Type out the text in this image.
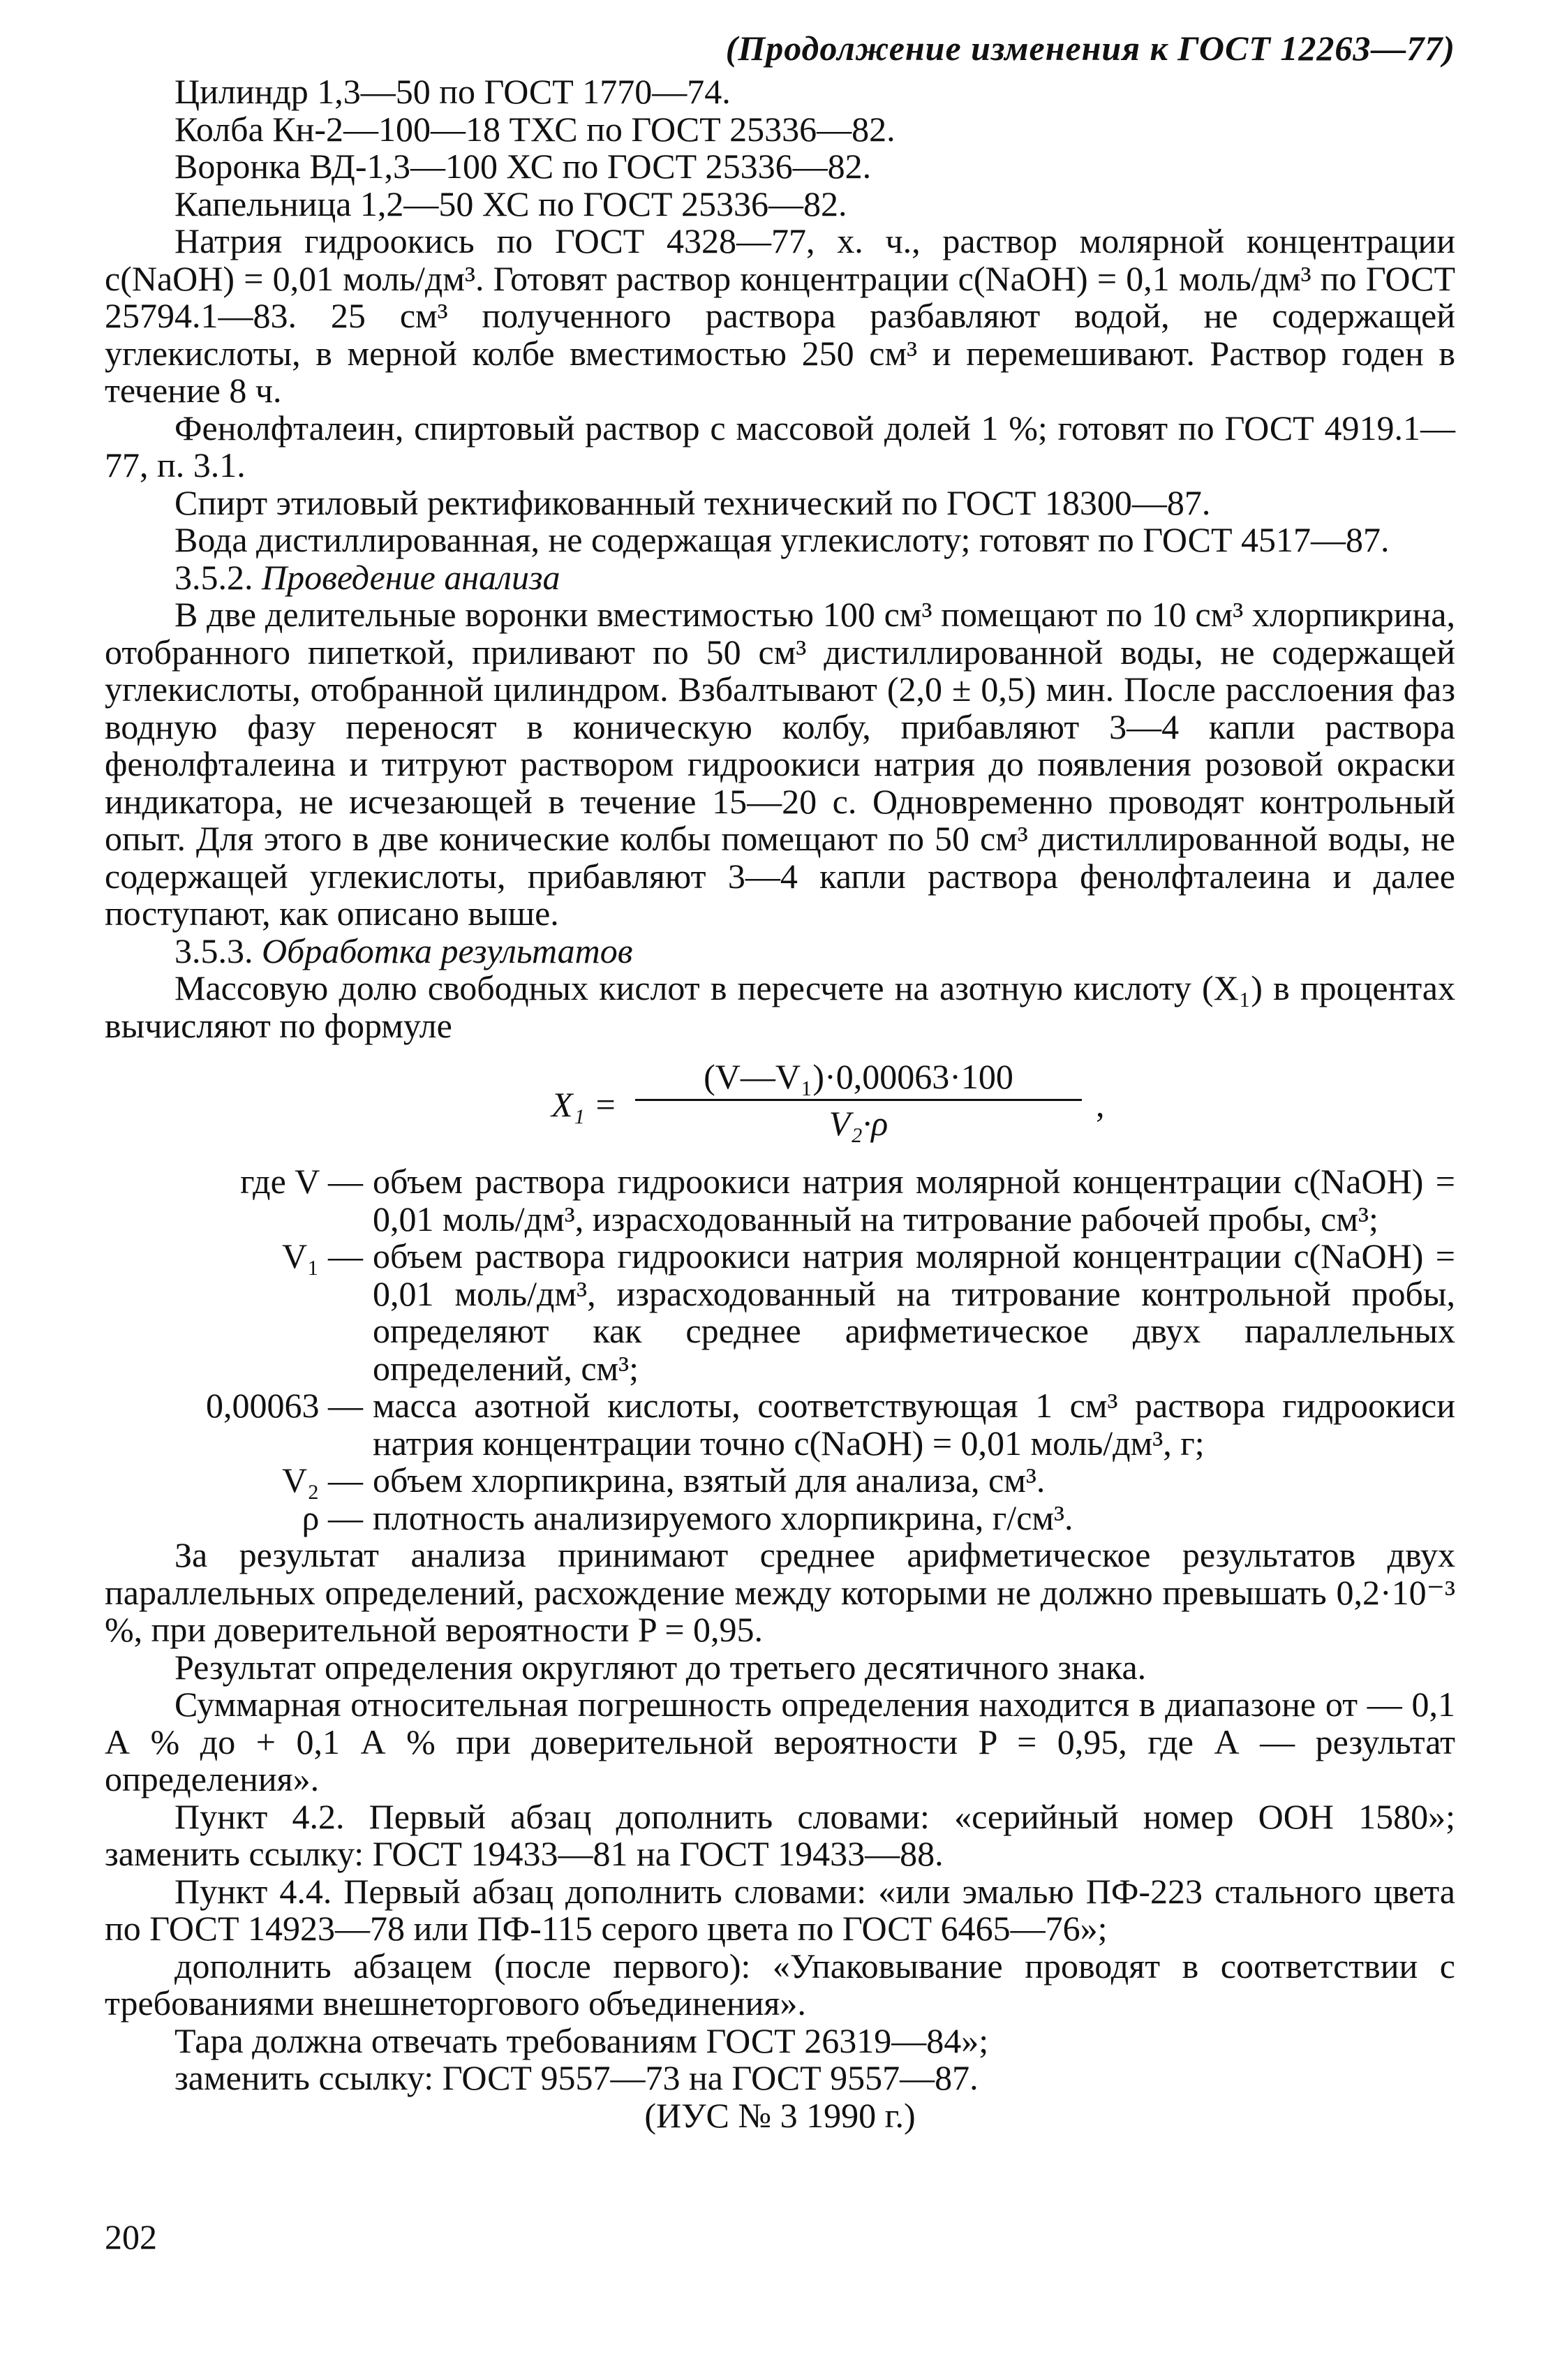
(Продолжение изменения к ГОСТ 12263—77)

Цилиндр 1,3—50 по ГОСТ 1770—74.

Колба Кн-2—100—18 ТХС по ГОСТ 25336—82.

Воронка ВД-1,3—100 ХС по ГОСТ 25336—82.

Капельница 1,2—50 ХС по ГОСТ 25336—82.

Натрия гидроокись по ГОСТ 4328—77, х. ч., раствор молярной концентрации c(NaOH) = 0,01 моль/дм³. Готовят раствор концентрации c(NaOH) = 0,1 моль/дм³ по ГОСТ 25794.1—83. 25 см³ полученного раствора разбавляют водой, не содержащей углекислоты, в мерной колбе вместимостью 250 см³ и перемешивают. Раствор годен в течение 8 ч.

Фенолфталеин, спиртовый раствор с массовой долей 1 %; готовят по ГОСТ 4919.1—77, п. 3.1.

Спирт этиловый ректификованный технический по ГОСТ 18300—87.

Вода дистиллированная, не содержащая углекислоту; готовят по ГОСТ 4517—87.

3.5.2. Проведение анализа

В две делительные воронки вместимостью 100 см³ помещают по 10 см³ хлорпикрина, отобранного пипеткой, приливают по 50 см³ дистиллированной воды, не содержащей углекислоты, отобранной цилиндром. Взбалтывают (2,0 ± 0,5) мин. После расслоения фаз водную фазу переносят в коническую колбу, прибавляют 3—4 капли раствора фенолфталеина и титруют раствором гидроокиси натрия до появления розовой окраски индикатора, не исчезающей в течение 15—20 с. Одновременно проводят контрольный опыт. Для этого в две конические колбы помещают по 50 см³ дистиллированной воды, не содержащей углекислоты, прибавляют 3—4 капли раствора фенолфталеина и далее поступают, как описано выше.

3.5.3. Обработка результатов

Массовую долю свободных кислот в пересчете на азотную кислоту (X₁) в процентах вычисляют по формуле

$X_1 = \frac{\text{(V—V₁)·0,00063·100}}{\text{V₂·ρ}}$ ,
где V — объем раствора гидроокиси натрия молярной концентрации c(NaOH) = 0,01 моль/дм³, израсходованный на титрование рабочей пробы, см³;
V₁ — объем раствора гидроокиси натрия молярной концентрации c(NaOH) = 0,01 моль/дм³, израсходованный на титрование контрольной пробы, определяют как среднее арифметическое двух параллельных определений, см³;
0,00063 — масса азотной кислоты, соответствующая 1 см³ раствора гидроокиси натрия концентрации точно c(NaOH) = 0,01 моль/дм³, г;
V₂ — объем хлорпикрина, взятый для анализа, см³.
ρ — плотность анализируемого хлорпикрина, г/см³.

За результат анализа принимают среднее арифметическое результатов двух параллельных определений, расхождение между которыми не должно превышать 0,2·10⁻³ %, при доверительной вероятности P = 0,95.

Результат определения округляют до третьего десятичного знака.

Суммарная относительная погрешность определения находится в диапазоне от — 0,1 А % до + 0,1 А % при доверительной вероятности P = 0,95, где А — результат определения».

Пункт 4.2. Первый абзац дополнить словами: «серийный номер ООН 1580»; заменить ссылку: ГОСТ 19433—81 на ГОСТ 19433—88.

Пункт 4.4. Первый абзац дополнить словами: «или эмалью ПФ-223 стального цвета по ГОСТ 14923—78 или ПФ-115 серого цвета по ГОСТ 6465—76»;

дополнить абзацем (после первого): «Упаковывание проводят в соответствии с требованиями внешнеторгового объединения».

Тара должна отвечать требованиям ГОСТ 26319—84»;

заменить ссылку: ГОСТ 9557—73 на ГОСТ 9557—87.

(ИУС № 3 1990 г.)

202
